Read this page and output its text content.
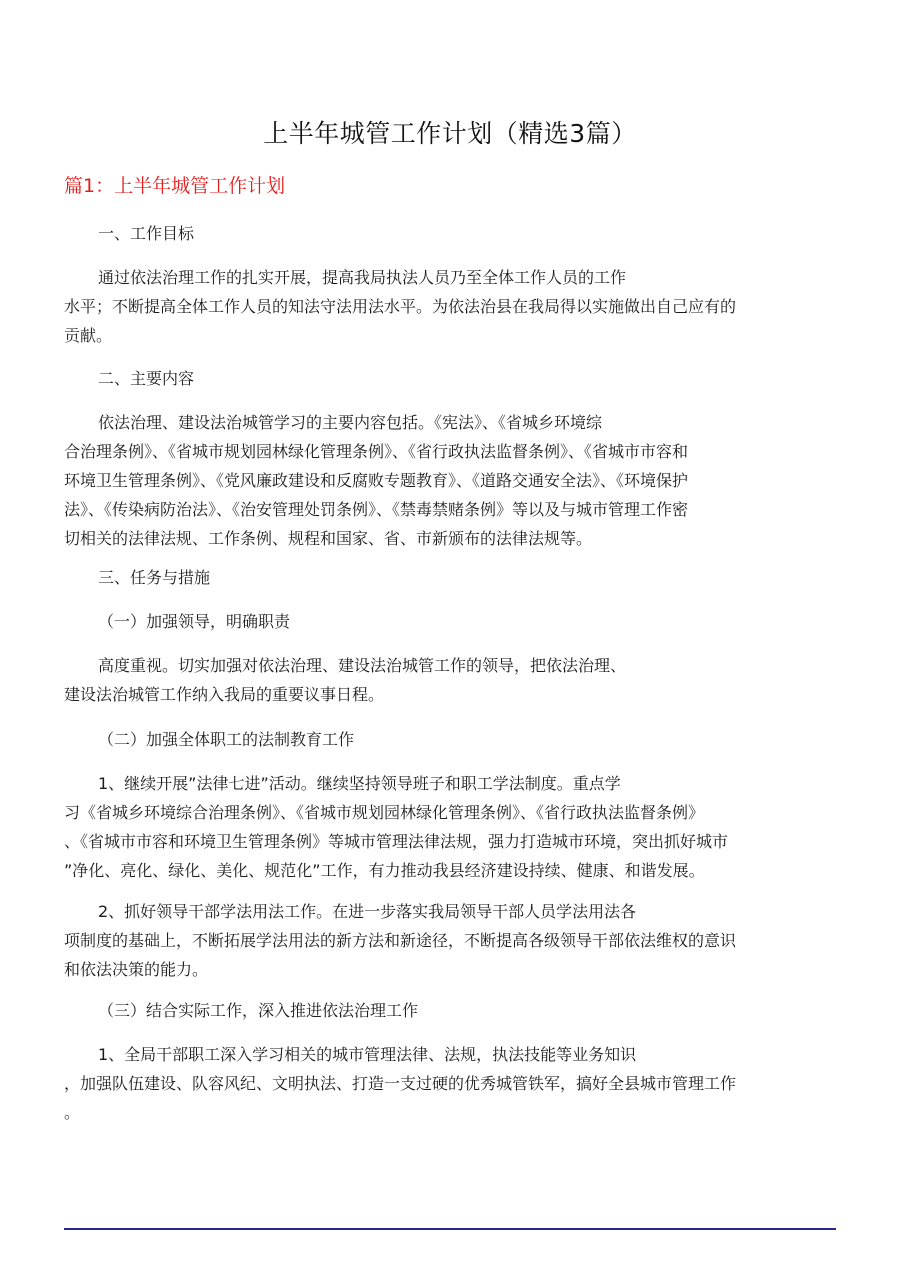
上半年城管工作计划（精选3篇）
篇1：上半年城管工作计划
一、工作目标
通过依法治理工作的扎实开展，提高我局执法人员乃至全体工作人员的工作
水平；不断提高全体工作人员的知法守法用法水平。为依法治县在我局得以实施做出自己应有的
贡献。
二、主要内容
依法治理、建设法治城管学习的主要内容包括。《宪法》、《省城乡环境综
合治理条例》、《省城市规划园林绿化管理条例》、《省行政执法监督条例》、《省城市市容和
环境卫生管理条例》、《党风廉政建设和反腐败专题教育》、《道路交通安全法》、《环境保护
法》、《传染病防治法》、《治安管理处罚条例》、《禁毒禁赌条例》等以及与城市管理工作密
切相关的法律法规、工作条例、规程和国家、省、市新颁布的法律法规等。
三、任务与措施
（一）加强领导，明确职责
高度重视。切实加强对依法治理、建设法治城管工作的领导，把依法治理、
建设法治城管工作纳入我局的重要议事日程。
（二）加强全体职工的法制教育工作
1、继续开展”法律七进”活动。继续坚持领导班子和职工学法制度。重点学
习《省城乡环境综合治理条例》、《省城市规划园林绿化管理条例》、《省行政执法监督条例》
、《省城市市容和环境卫生管理条例》等城市管理法律法规，强力打造城市环境，突出抓好城市
”净化、亮化、绿化、美化、规范化”工作，有力推动我县经济建设持续、健康、和谐发展。
2、抓好领导干部学法用法工作。在进一步落实我局领导干部人员学法用法各
项制度的基础上，不断拓展学法用法的新方法和新途径，不断提高各级领导干部依法维权的意识
和依法决策的能力。
（三）结合实际工作，深入推进依法治理工作
1、全局干部职工深入学习相关的城市管理法律、法规，执法技能等业务知识
，加强队伍建设、队容风纪、文明执法、打造一支过硬的优秀城管铁军，搞好全县城市管理工作
。
